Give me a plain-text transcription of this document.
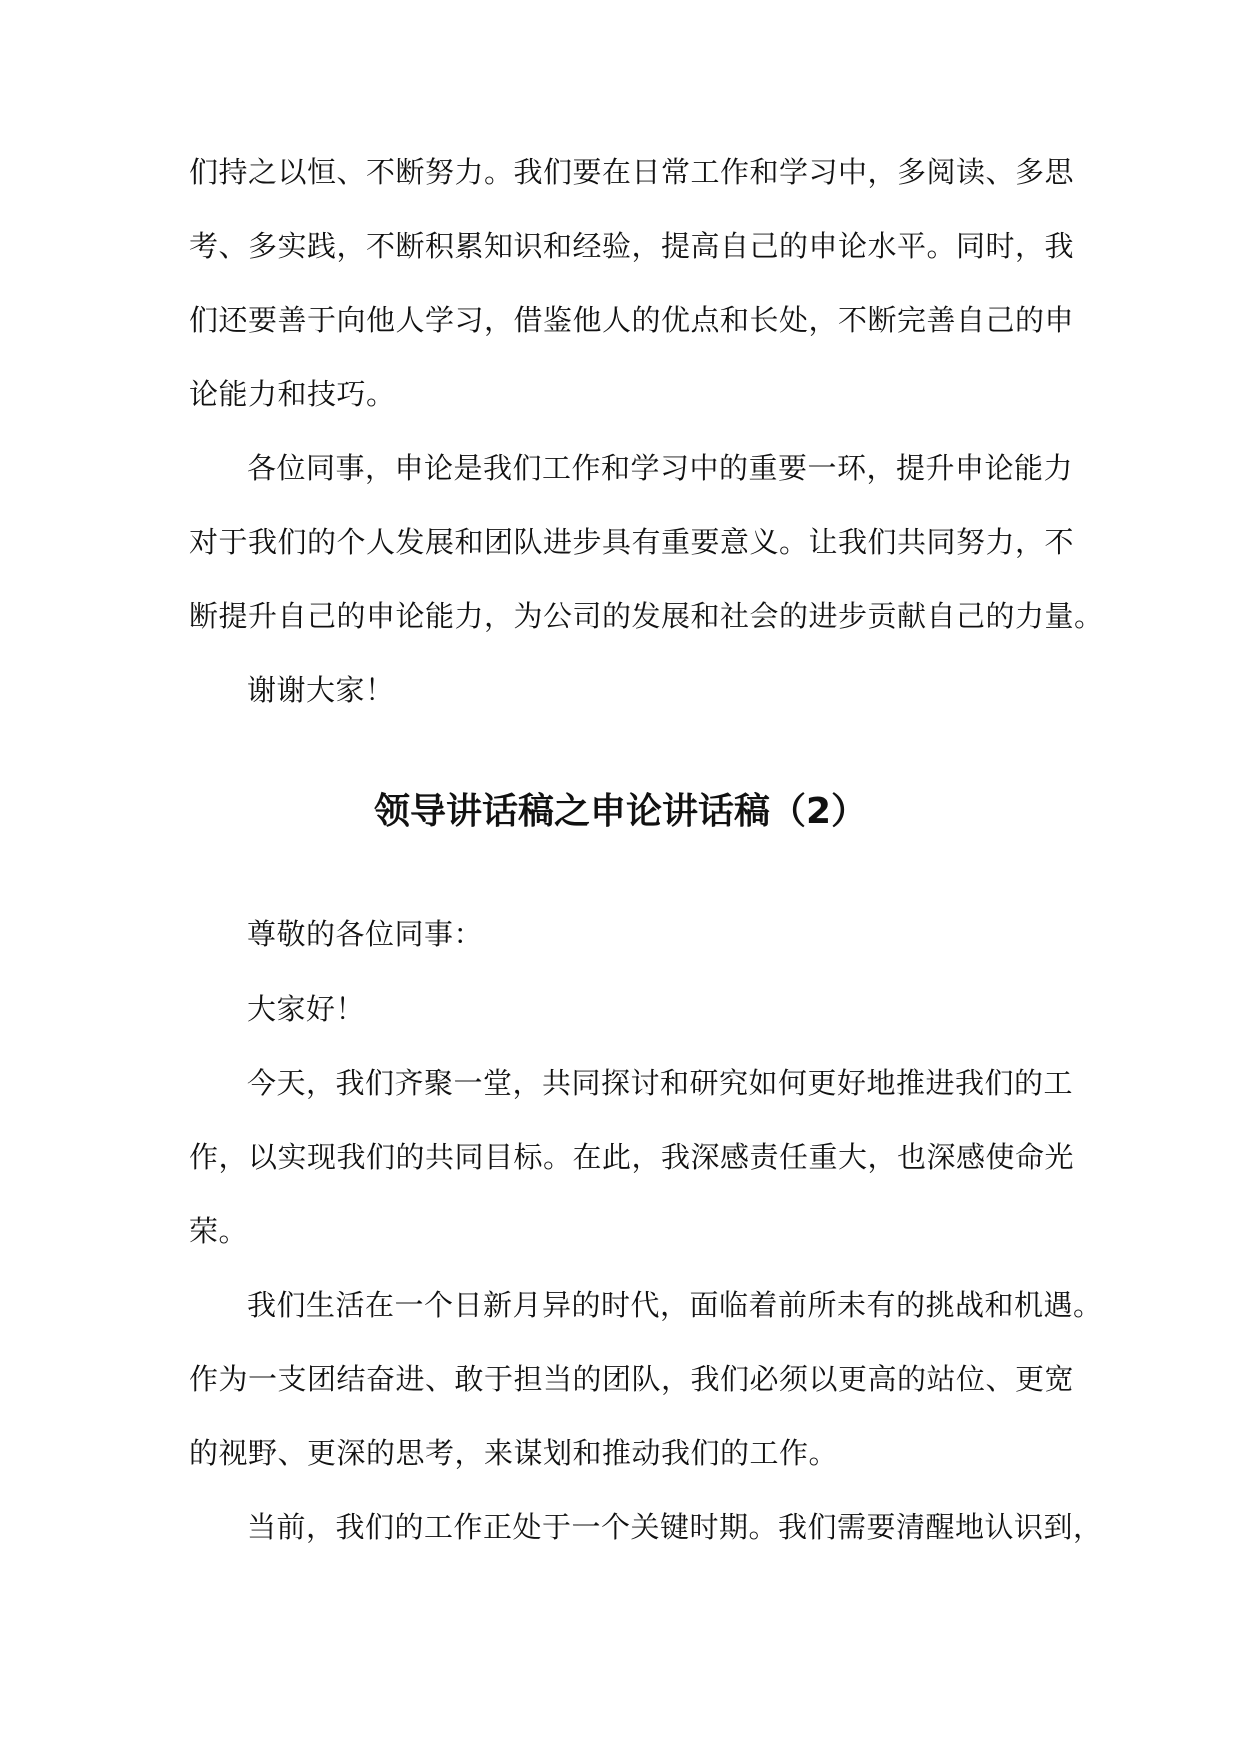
们持之以恒、不断努力。我们要在日常工作和学习中，多阅读、多思
考、多实践，不断积累知识和经验，提高自己的申论水平。同时，我
们还要善于向他人学习，借鉴他人的优点和长处，不断完善自己的申
论能力和技巧。
各位同事，申论是我们工作和学习中的重要一环，提升申论能力
对于我们的个人发展和团队进步具有重要意义。让我们共同努力，不
断提升自己的申论能力，为公司的发展和社会的进步贡献自己的力量。
谢谢大家！
领导讲话稿之申论讲话稿（2）
尊敬的各位同事：
大家好！
今天，我们齐聚一堂，共同探讨和研究如何更好地推进我们的工
作，以实现我们的共同目标。在此，我深感责任重大，也深感使命光
荣。
我们生活在一个日新月异的时代，面临着前所未有的挑战和机遇。
作为一支团结奋进、敢于担当的团队，我们必须以更高的站位、更宽
的视野、更深的思考，来谋划和推动我们的工作。
当前，我们的工作正处于一个关键时期。我们需要清醒地认识到，
